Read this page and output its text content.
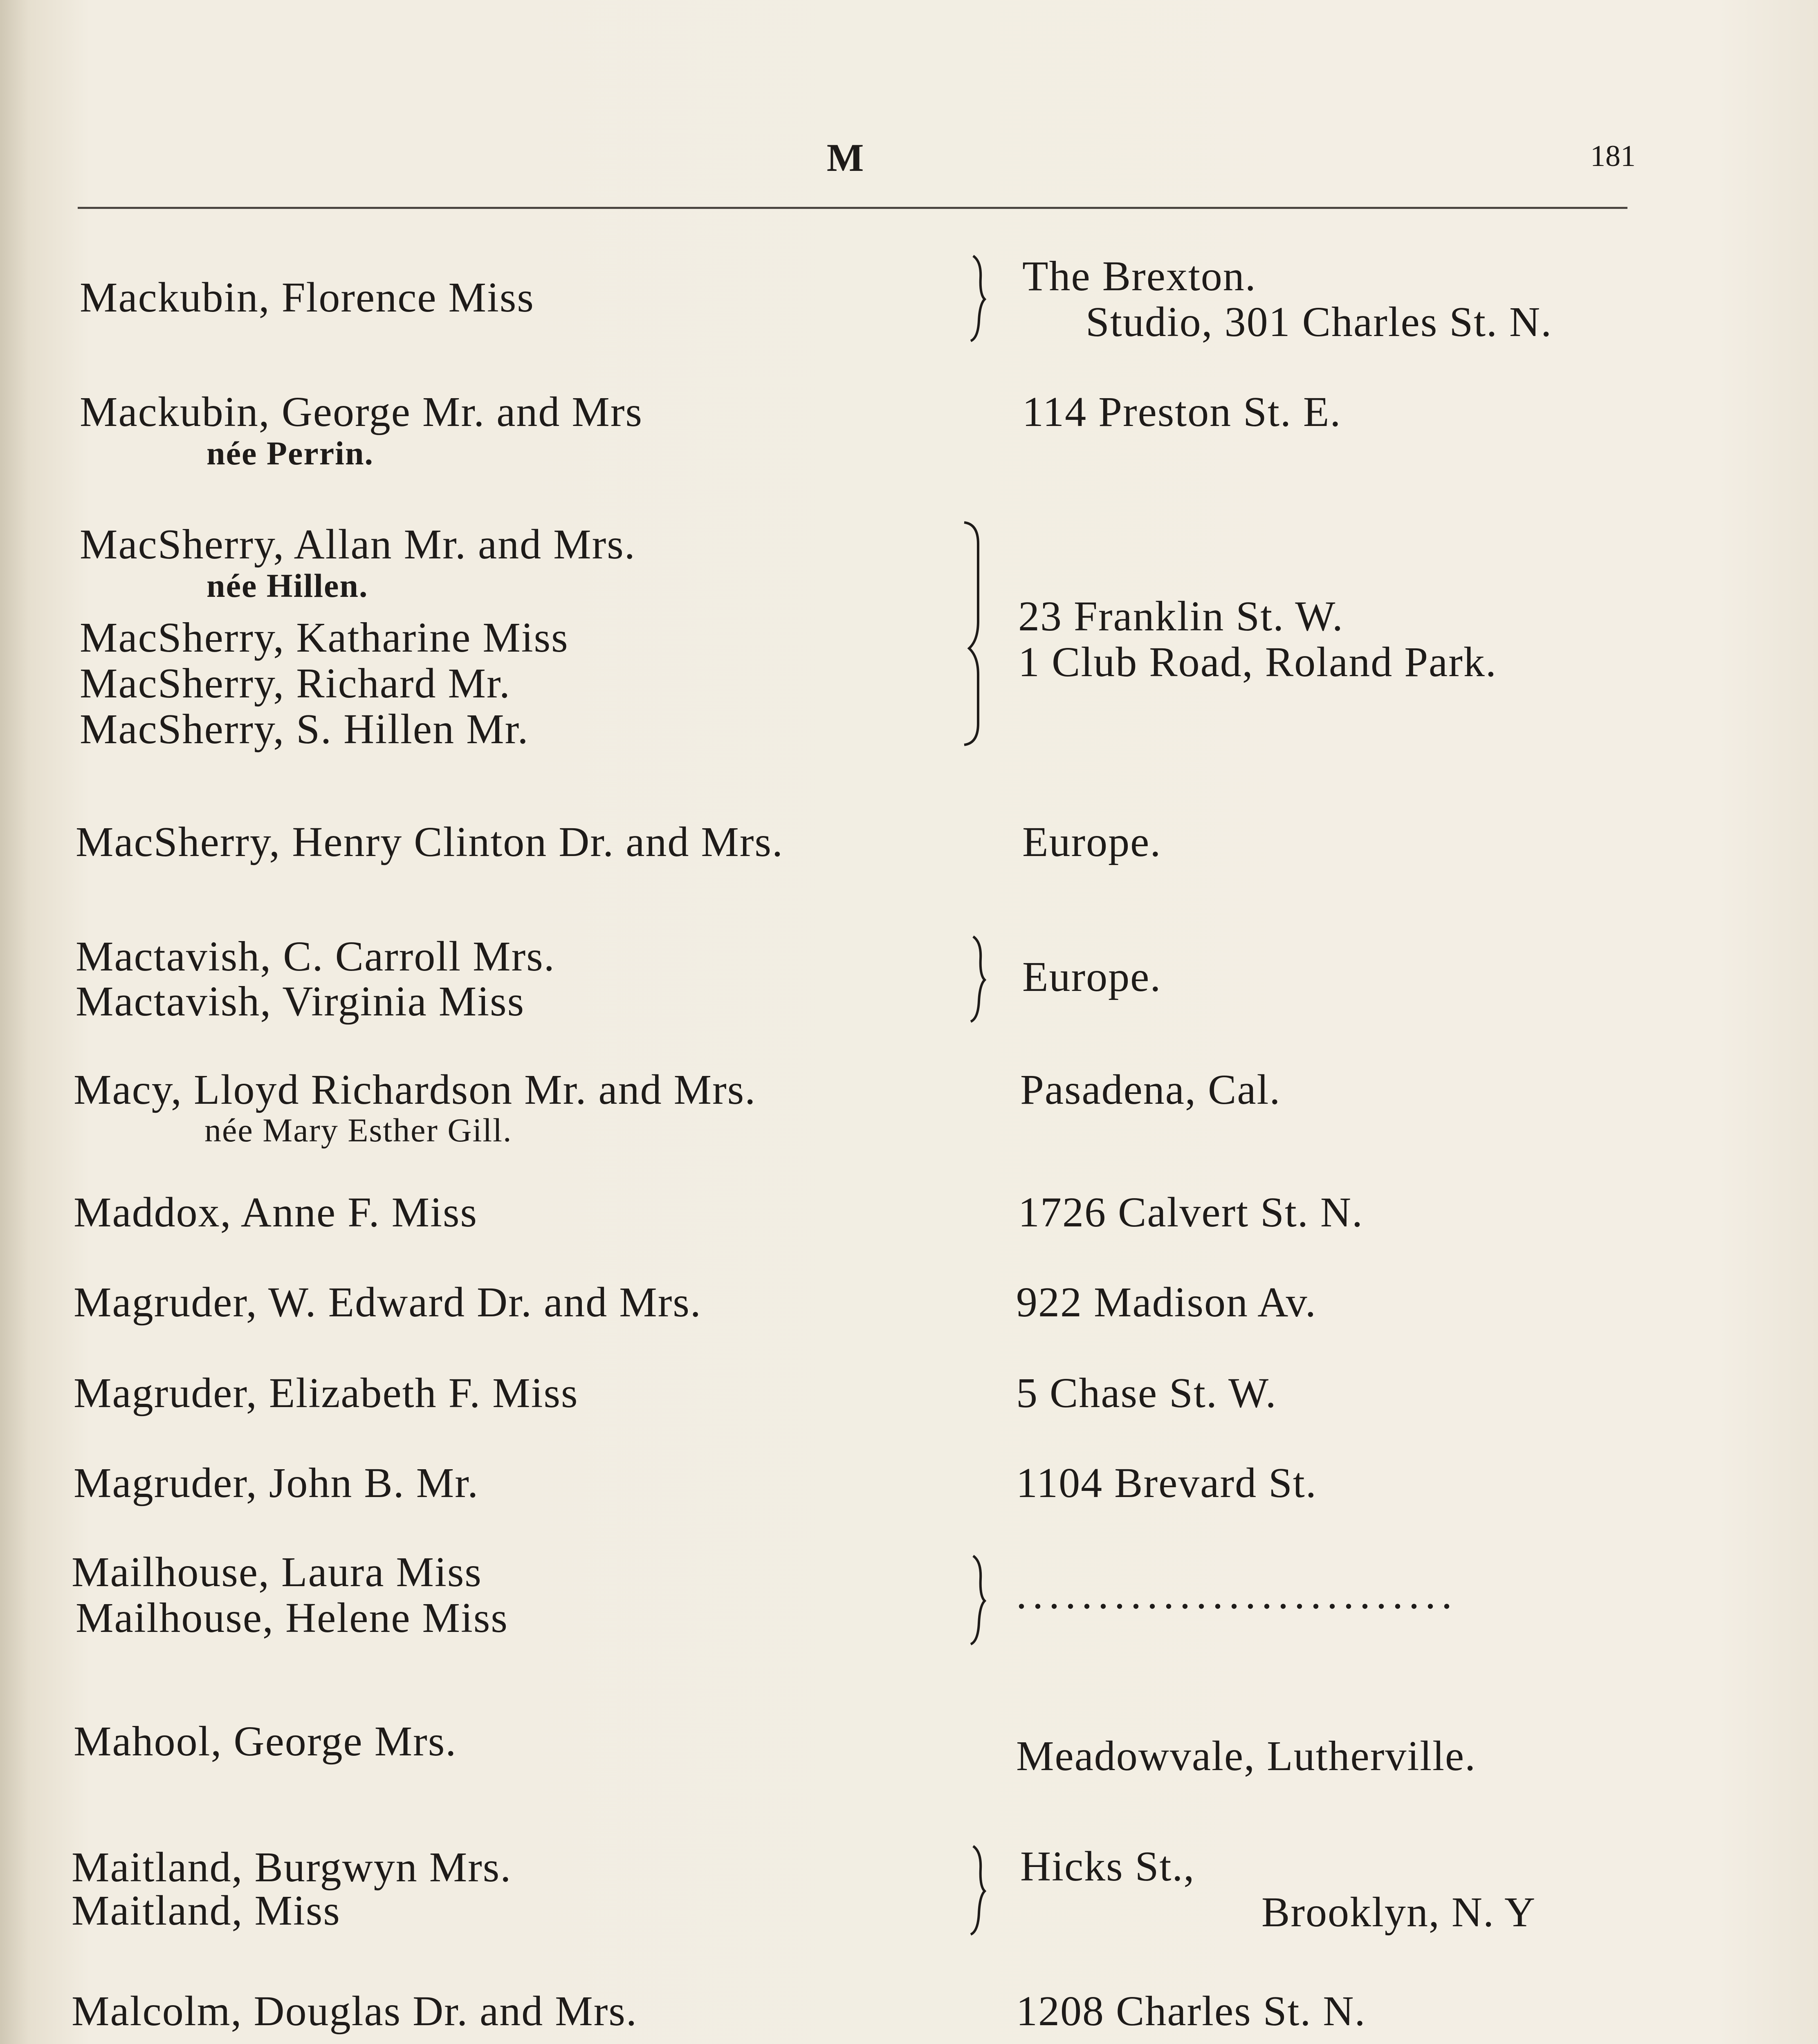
M	181
Mackubin, Florence Miss
Mackubin, George Mr. and Mrs
née Perrin.
MacSherry, Allan Mr. and Mrs.
née Hillen.
MacSherry, Katharine Miss
MacSherry, Richard Mr.
MacSherry, S. Hillen Mr.
MacSherry, Henry Clinton Dr. and Mrs.
Mactavish, C. Carroll Mrs.
Mactavish, Virginia Miss
Macy, Lloyd Richardson Mr. and Mrs.
née Mary Esther Gill.
Maddox, Anne F. Miss
Magruder, W. Edward Dr. and Mrs.
Magruder, Elizabeth F. Miss
Magruder, John B. Mr.
Mailhouse, Laura Miss
Mailhouse, Helene Miss
Mahool, George Mrs.
Maitland, Burgwyn Mrs.
Maitland, Miss
Malcolm, Douglas Dr. and Mrs.
The Brexton.
Studio, 301 Charles St. N.
114 Preston St. E.
23 Franklin St. W.
1 Club Road, Roland Park.
Europe.
Europe.
Pasadena, Cal.
1726 Calvert St. N.
922 Madison Av.
5 Chase St. W.
1104 Brevard St.
...........................
Meadowvale, Lutherville.
Hicks St.,
Brooklyn, N. Y
1208 Charles St. N.
